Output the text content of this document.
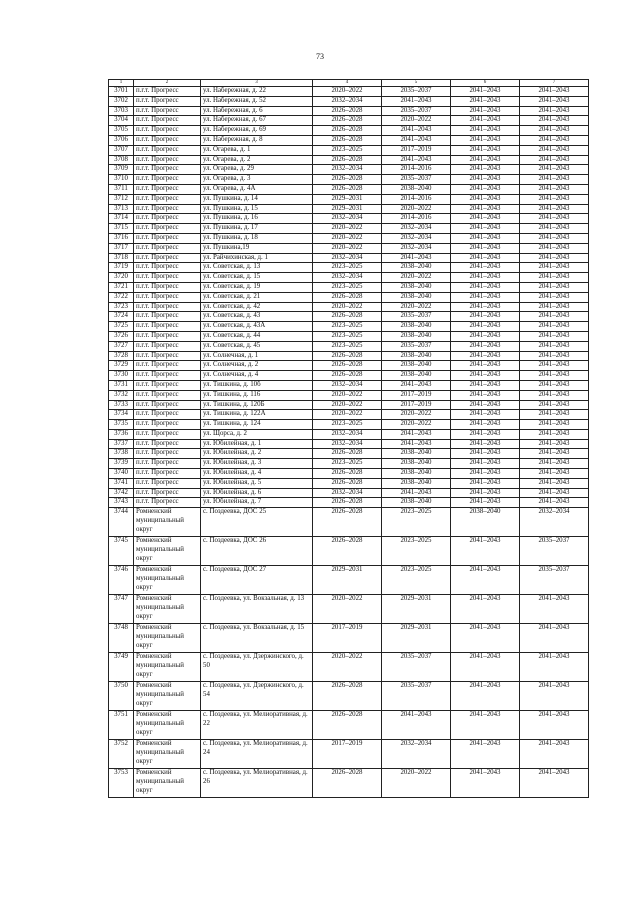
73
1	2	3	4	5	6	7
3701	п.г.т. Прогресс	ул. Набережная, д. 22	2020–2022	2035–2037	2041–2043	2041–2043
3702	п.г.т. Прогресс	ул. Набережная, д. 52	2032–2034	2041–2043	2041–2043	2041–2043
3703	п.г.т. Прогресс	ул. Набережная, д. 6	2026–2028	2035–2037	2041–2043	2041–2043
3704	п.г.т. Прогресс	ул. Набережная, д. 67	2026–2028	2020–2022	2041–2043	2041–2043
3705	п.г.т. Прогресс	ул. Набережная, д. 69	2026–2028	2041–2043	2041–2043	2041–2043
3706	п.г.т. Прогресс	ул. Набережная, д. 8	2026–2028	2041–2043	2041–2043	2041–2043
3707	п.г.т. Прогресс	ул. Огарева, д. 1	2023–2025	2017–2019	2041–2043	2041–2043
3708	п.г.т. Прогресс	ул. Огарева, д. 2	2026–2028	2041–2043	2041–2043	2041–2043
3709	п.г.т. Прогресс	ул. Огарева, д. 29	2032–2034	2014–2016	2041–2043	2041–2043
3710	п.г.т. Прогресс	ул. Огарева, д. 3	2026–2028	2035–2037	2041–2043	2041–2043
3711	п.г.т. Прогресс	ул. Огарева, д. 4А	2026–2028	2038–2040	2041–2043	2041–2043
3712	п.г.т. Прогресс	ул. Пушкина, д. 14	2029–2031	2014–2016	2041–2043	2041–2043
3713	п.г.т. Прогресс	ул. Пушкина, д. 15	2029–2031	2020–2022	2041–2043	2041–2043
3714	п.г.т. Прогресс	ул. Пушкина, д. 16	2032–2034	2014–2016	2041–2043	2041–2043
3715	п.г.т. Прогресс	ул. Пушкина, д. 17	2020–2022	2032–2034	2041–2043	2041–2043
3716	п.г.т. Прогресс	ул. Пушкина, д. 18	2020–2022	2032–2034	2041–2043	2041–2043
3717	п.г.т. Прогресс	ул. Пушкина,19	2020–2022	2032–2034	2041–2043	2041–2043
3718	п.г.т. Прогресс	ул. Райчихинская, д. 1	2032–2034	2041–2043	2041–2043	2041–2043
3719	п.г.т. Прогресс	ул. Советская, д. 13	2023–2025	2038–2040	2041–2043	2041–2043
3720	п.г.т. Прогресс	ул. Советская, д. 15	2032–2034	2020–2022	2041–2043	2041–2043
3721	п.г.т. Прогресс	ул. Советская, д. 19	2023–2025	2038–2040	2041–2043	2041–2043
3722	п.г.т. Прогресс	ул. Советская, д. 21	2026–2028	2038–2040	2041–2043	2041–2043
3723	п.г.т. Прогресс	ул. Советская, д. 42	2020–2022	2020–2022	2041–2043	2041–2043
3724	п.г.т. Прогресс	ул. Советская, д. 43	2026–2028	2035–2037	2041–2043	2041–2043
3725	п.г.т. Прогресс	ул. Советская, д. 43А	2023–2025	2038–2040	2041–2043	2041–2043
3726	п.г.т. Прогресс	ул. Советская, д. 44	2023–2025	2038–2040	2041–2043	2041–2043
3727	п.г.т. Прогресс	ул. Советская, д. 45	2023–2025	2035–2037	2041–2043	2041–2043
3728	п.г.т. Прогресс	ул. Солнечная, д. 1	2026–2028	2038–2040	2041–2043	2041–2043
3729	п.г.т. Прогресс	ул. Солнечная, д. 2	2026–2028	2038–2040	2041–2043	2041–2043
3730	п.г.т. Прогресс	ул. Солнечная, д. 4	2026–2028	2038–2040	2041–2043	2041–2043
3731	п.г.т. Прогресс	ул. Тишкина, д. 10б	2032–2034	2041–2043	2041–2043	2041–2043
3732	п.г.т. Прогресс	ул. Тишкина, д. 116	2020–2022	2017–2019	2041–2043	2041–2043
3733	п.г.т. Прогресс	ул. Тишкина, д. 120Б	2020–2022	2017–2019	2041–2043	2041–2043
3734	п.г.т. Прогресс	ул. Тишкина, д. 122А	2020–2022	2020–2022	2041–2043	2041–2043
3735	п.г.т. Прогресс	ул. Тишкина, д. 124	2023–2025	2020–2022	2041–2043	2041–2043
3736	п.г.т. Прогресс	ул. Щорса, д. 2	2032–2034	2041–2043	2041–2043	2041–2043
3737	п.г.т. Прогресс	ул. Юбилейная, д. 1	2032–2034	2041–2043	2041–2043	2041–2043
3738	п.г.т. Прогресс	ул. Юбилейная, д. 2	2026–2028	2038–2040	2041–2043	2041–2043
3739	п.г.т. Прогресс	ул. Юбилейная, д. 3	2023–2025	2038–2040	2041–2043	2041–2043
3740	п.г.т. Прогресс	ул. Юбилейная, д. 4	2026–2028	2038–2040	2041–2043	2041–2043
3741	п.г.т. Прогресс	ул. Юбилейная, д. 5	2026–2028	2038–2040	2041–2043	2041–2043
3742	п.г.т. Прогресс	ул. Юбилейная, д. 6	2032–2034	2041–2043	2041–2043	2041–2043
3743	п.г.т. Прогресс	ул. Юбилейная, д. 7	2026–2028	2038–2040	2041–2043	2041–2043
3744	Ромненский муниципальный округ	с. Поздеевка, ДОС 25	2026–2028	2023–2025	2038–2040	2032–2034
3745	Ромненский муниципальный округ	с. Поздеевка, ДОС 26	2026–2028	2023–2025	2041–2043	2035–2037
3746	Ромненский муниципальный округ	с. Поздеевка, ДОС 27	2029–2031	2023–2025	2041–2043	2035–2037
3747	Ромненский муниципальный округ	с. Поздеевка, ул. Вокзальная, д. 13	2020–2022	2029–2031	2041–2043	2041–2043
3748	Ромненский муниципальный округ	с. Поздеевка, ул. Вокзальная, д. 15	2017–2019	2029–2031	2041–2043	2041–2043
3749	Ромненский муниципальный округ	с. Поздеевка, ул. Дзержинского, д. 50	2020–2022	2035–2037	2041–2043	2041–2043
3750	Ромненский муниципальный округ	с. Поздеевка, ул. Дзержинского, д. 54	2026–2028	2035–2037	2041–2043	2041–2043
3751	Ромненский муниципальный округ	с. Поздеевка, ул. Мелиоративная, д. 22	2026–2028	2041–2043	2041–2043	2041–2043
3752	Ромненский муниципальный округ	с. Поздеевка, ул. Мелиоративная, д. 24	2017–2019	2032–2034	2041–2043	2041–2043
3753	Ромненский муниципальный округ	с. Поздеевка, ул. Мелиоративная, д. 26	2026–2028	2020–2022	2041–2043	2041–2043
